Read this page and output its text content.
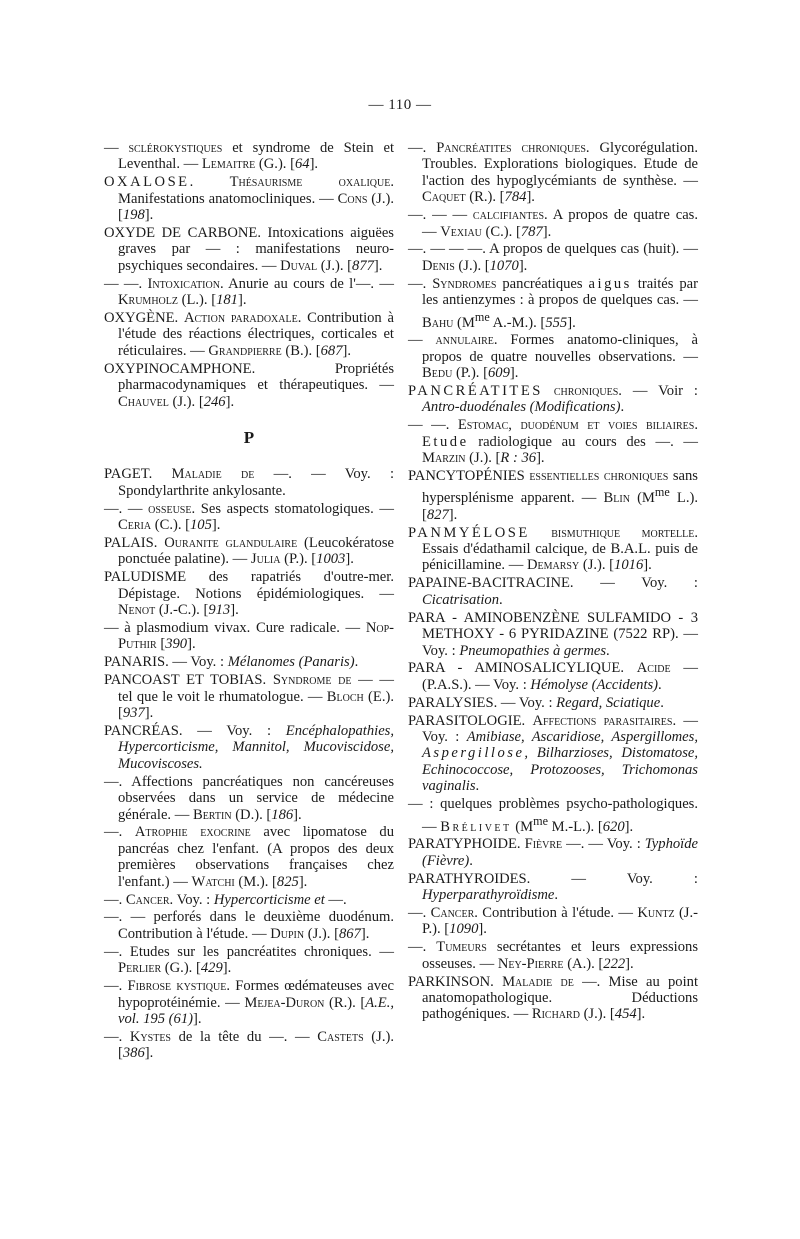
— 110 —

— sclérokystiques et syndrome de Stein et Leventhal. — Lemaitre (G.). [64].

OXALOSE. Thésaurisme oxalique. Manifestations anatomocliniques. — Cons (J.). [198].

OXYDE DE CARBONE. Intoxications aiguëes graves par — : manifestations neuro-psychiques secondaires. — Duval (J.). [877].

— —. Intoxication. Anurie au cours de l'—. — Krumholz (L.). [181].

OXYGÈNE. Action paradoxale. Contribution à l'étude des réactions électriques, corticales et réticulaires. — Grandpierre (B.). [687].

OXYPINOCAMPHONE. Propriétés pharmacodynamiques et thérapeutiques. — Chauvel (J.). [246].

P

PAGET. Maladie de —. — Voy. : Spondylarthrite ankylosante.

—. — osseuse. Ses aspects stomatologiques. — Ceria (C.). [105].

PALAIS. Ouranite glandulaire (Leucokératose ponctuée palatine). — Julia (P.). [1003].

PALUDISME des rapatriés d'outre-mer. Dépistage. Notions épidémiologiques. — Nenot (J.-C.). [913].

— à plasmodium vivax. Cure radicale. — Nop-Puthir [390].

PANARIS. — Voy. : Mélanomes (Panaris).

PANCOAST ET TOBIAS. Syndrome de — — tel que le voit le rhumatologue. — Bloch (E.). [937].

PANCRÉAS. — Voy. : Encéphalopathies, Hypercorticisme, Mannitol, Mucoviscidose, Mucoviscoses.

—. Affections pancréatiques non cancéreuses observées dans un service de médecine générale. — Bertin (D.). [186].

—. Atrophie exocrine avec lipomatose du pancréas chez l'enfant. (A propos des deux premières observations françaises chez l'enfant.) — Watchi (M.). [825].

—. Cancer. Voy. : Hypercorticisme et —.

—. — perforés dans le deuxième duodénum. Contribution à l'étude. — Dupin (J.). [867].

—. Etudes sur les pancréatites chroniques. — Perlier (G.). [429].

—. Fibrose kystique. Formes œdémateuses avec hypoprotéinémie. — Mejea-Duron (R.). [A.E., vol. 195 (61)].

—. Kystes de la tête du —. — Castets (J.). [386].

—. Pancréatites chroniques. Glycorégulation. Troubles. Explorations biologiques. Etude de l'action des hypoglycémiants de synthèse. — Caquet (R.). [784].

—. — — calcifiantes. A propos de quatre cas. — Vexiau (C.). [787].

—. — — —. A propos de quelques cas (huit). — Denis (J.). [1070].

—. Syndromes pancréatiques aigus traités par les antienzymes : à propos de quelques cas. — Bahu ($M^{me}$ A.-M.). [555].

— annulaire. Formes anatomo-cliniques, à propos de quatre nouvelles observations. — Bedu (P.). [609].

PANCRÉATITES chroniques. — Voir : Antro-duodénales (Modifications).

— —. Estomac, duodénum et voies biliaires. Etude radiologique au cours des —. — Marzin (J.). [R : 36].

PANCYTOPÉNIES essentielles chroniques sans hypersplénisme apparent. — Blin ($M^{me}$ L.). [827].

PANMYÉLOSE bismuthique mortelle. Essais d'édathamil calcique, de B.A.L. puis de pénicillamine. — Demarsy (J.). [1016].

PAPAINE-BACITRACINE. — Voy. : Cicatrisation.

PARA - AMINOBENZÈNE SULFAMIDO - 3 METHOXY - 6 PYRIDAZINE (7522 RP). — Voy. : Pneumopathies à germes.

PARA - AMINOSALICYLIQUE. Acide — (P.A.S.). — Voy. : Hémolyse (Accidents).

PARALYSIES. — Voy. : Regard, Sciatique.

PARASITOLOGIE. Affections parasitaires. — Voy. : Amibiase, Ascaridiose, Aspergillomes, Aspergillose, Bilharzioses, Distomatose, Echinococcose, Protozooses, Trichomonas vaginalis.

— : quelques problèmes psycho-pathologiques. — Brélivet ($M^{me}$ M.-L.). [620].

PARATYPHOIDE. Fièvre —. — Voy. : Typhoïde (Fièvre).

PARATHYROIDES. — Voy. : Hyperparathyroïdisme.

—. Cancer. Contribution à l'étude. — Kuntz (J.-P.). [1090].

—. Tumeurs secrétantes et leurs expressions osseuses. — Ney-Pierre (A.). [222].

PARKINSON. Maladie de —. Mise au point anatomopathologique. Déductions pathogéniques. — Richard (J.). [454].
